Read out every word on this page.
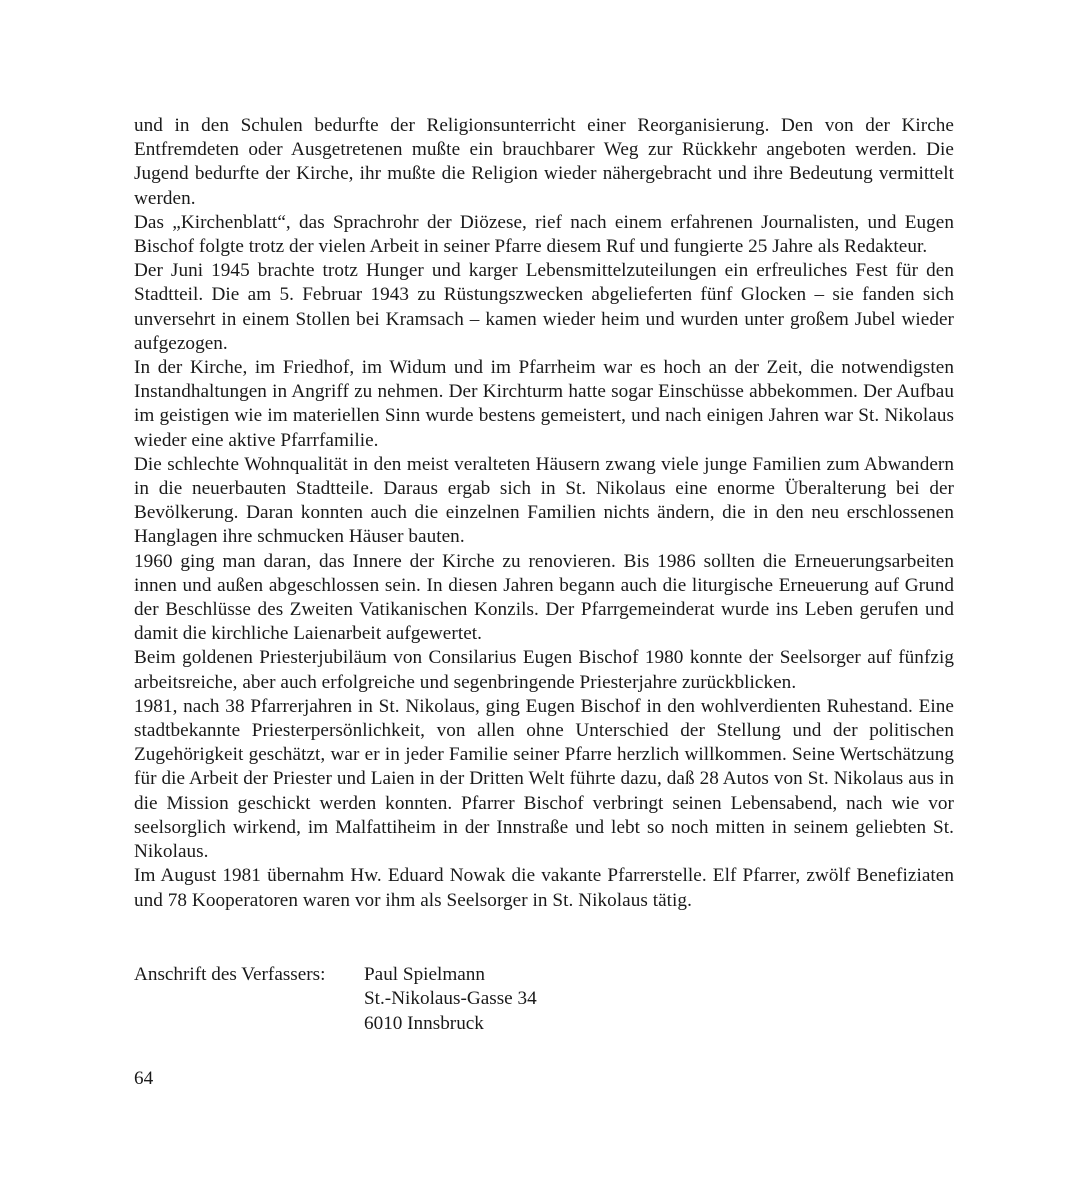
und in den Schulen bedurfte der Religionsunterricht einer Reorganisierung. Den von der Kirche Entfremdeten oder Ausgetretenen mußte ein brauchbarer Weg zur Rückkehr angeboten werden. Die Jugend bedurfte der Kirche, ihr mußte die Religion wieder nähergebracht und ihre Bedeutung vermittelt werden.

Das „Kirchenblatt“, das Sprachrohr der Diözese, rief nach einem erfahrenen Journalisten, und Eugen Bischof folgte trotz der vielen Arbeit in seiner Pfarre diesem Ruf und fungierte 25 Jahre als Redakteur.

Der Juni 1945 brachte trotz Hunger und karger Lebensmittelzuteilungen ein erfreuliches Fest für den Stadtteil. Die am 5. Februar 1943 zu Rüstungszwecken abgelieferten fünf Glocken – sie fanden sich unversehrt in einem Stollen bei Kramsach – kamen wieder heim und wurden unter großem Jubel wieder aufgezogen.

In der Kirche, im Friedhof, im Widum und im Pfarrheim war es hoch an der Zeit, die notwendigsten Instandhaltungen in Angriff zu nehmen. Der Kirchturm hatte sogar Einschüsse abbekommen. Der Aufbau im geistigen wie im materiellen Sinn wurde bestens gemeistert, und nach einigen Jahren war St. Nikolaus wieder eine aktive Pfarrfamilie.

Die schlechte Wohnqualität in den meist veralteten Häusern zwang viele junge Familien zum Abwandern in die neuerbauten Stadtteile. Daraus ergab sich in St. Nikolaus eine enorme Überalterung bei der Bevölkerung. Daran konnten auch die einzelnen Familien nichts ändern, die in den neu erschlossenen Hanglagen ihre schmucken Häuser bauten.

1960 ging man daran, das Innere der Kirche zu renovieren. Bis 1986 sollten die Erneuerungsarbeiten innen und außen abgeschlossen sein. In diesen Jahren begann auch die liturgische Erneuerung auf Grund der Beschlüsse des Zweiten Vatikanischen Konzils. Der Pfarrgemeinderat wurde ins Leben gerufen und damit die kirchliche Laienarbeit aufgewertet.

Beim goldenen Priesterjubiläum von Consilarius Eugen Bischof 1980 konnte der Seelsorger auf fünfzig arbeitsreiche, aber auch erfolgreiche und segenbringende Priesterjahre zurückblicken.

1981, nach 38 Pfarrerjahren in St. Nikolaus, ging Eugen Bischof in den wohlverdienten Ruhestand. Eine stadtbekannte Priesterpersönlichkeit, von allen ohne Unterschied der Stellung und der politischen Zugehörigkeit geschätzt, war er in jeder Familie seiner Pfarre herzlich willkommen. Seine Wertschätzung für die Arbeit der Priester und Laien in der Dritten Welt führte dazu, daß 28 Autos von St. Nikolaus aus in die Mission geschickt werden konnten. Pfarrer Bischof verbringt seinen Lebensabend, nach wie vor seelsorglich wirkend, im Malfattiheim in der Innstraße und lebt so noch mitten in seinem geliebten St. Nikolaus.

Im August 1981 übernahm Hw. Eduard Nowak die vakante Pfarrerstelle. Elf Pfarrer, zwölf Benefiziaten und 78 Kooperatoren waren vor ihm als Seelsorger in St. Nikolaus tätig.

Anschrift des Verfassers:	Paul Spielmann
St.-Nikolaus-Gasse 34
6010 Innsbruck
64
